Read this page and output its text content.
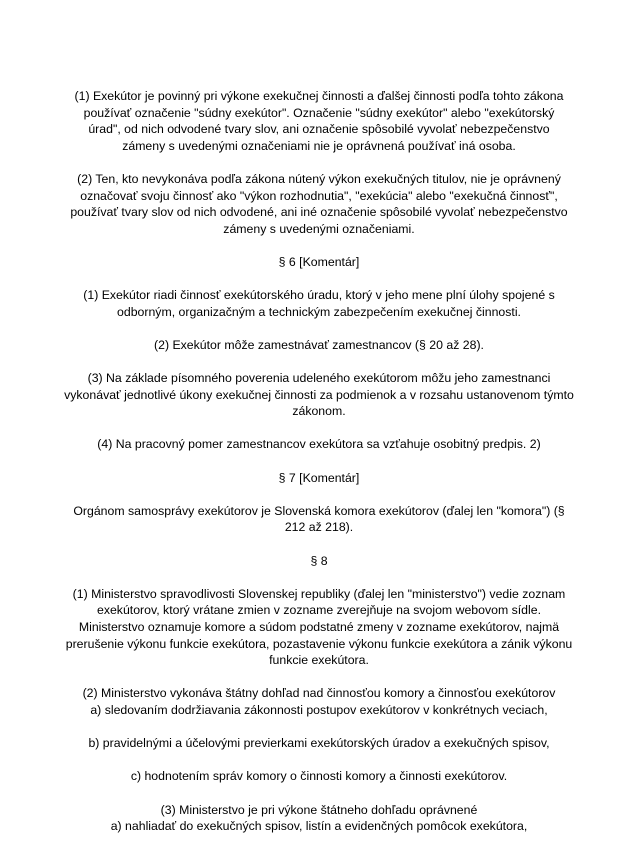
(1) Exekútor je povinný pri výkone exekučnej činnosti a ďalšej činnosti podľa tohto zákona používať označenie "súdny exekútor". Označenie "súdny exekútor" alebo "exekútorský úrad", od nich odvodené tvary slov, ani označenie spôsobilé vyvolať nebezpečenstvo zámeny s uvedenými označeniami nie je oprávnená používať iná osoba.

(2) Ten, kto nevykonáva podľa zákona nútený výkon exekučných titulov, nie je oprávnený označovať svoju činnosť ako "výkon rozhodnutia", "exekúcia" alebo "exekučná činnosť", používať tvary slov od nich odvodené, ani iné označenie spôsobilé vyvolať nebezpečenstvo zámeny s uvedenými označeniami.

§ 6 [Komentár]

(1) Exekútor riadi činnosť exekútorského úradu, ktorý v jeho mene plní úlohy spojené s odborným, organizačným a technickým zabezpečením exekučnej činnosti.

(2) Exekútor môže zamestnávať zamestnancov (§ 20 až 28).

(3) Na základe písomného poverenia udeleného exekútorom môžu jeho zamestnanci vykonávať jednotlivé úkony exekučnej činnosti za podmienok a v rozsahu ustanovenom týmto zákonom.

(4) Na pracovný pomer zamestnancov exekútora sa vzťahuje osobitný predpis. 2)

§ 7 [Komentár]

Orgánom samosprávy exekútorov je Slovenská komora exekútorov (ďalej len "komora") (§ 212 až 218).

§ 8

(1) Ministerstvo spravodlivosti Slovenskej republiky (ďalej len "ministerstvo") vedie zoznam exekútorov, ktorý vrátane zmien v zozname zverejňuje na svojom webovom sídle. Ministerstvo oznamuje komore a súdom podstatné zmeny v zozname exekútorov, najmä prerušenie výkonu funkcie exekútora, pozastavenie výkonu funkcie exekútora a zánik výkonu funkcie exekútora.

(2) Ministerstvo vykonáva štátny dohľad nad činnosťou komory a činnosťou exekútorov

a) sledovaním dodržiavania zákonnosti postupov exekútorov v konkrétnych veciach,

b) pravidelnými a účelovými previerkami exekútorských úradov a exekučných spisov,

c) hodnotením správ komory o činnosti komory a činnosti exekútorov.

(3) Ministerstvo je pri výkone štátneho dohľadu oprávnené

a) nahliadať do exekučných spisov, listín a evidenčných pomôcok exekútora,
